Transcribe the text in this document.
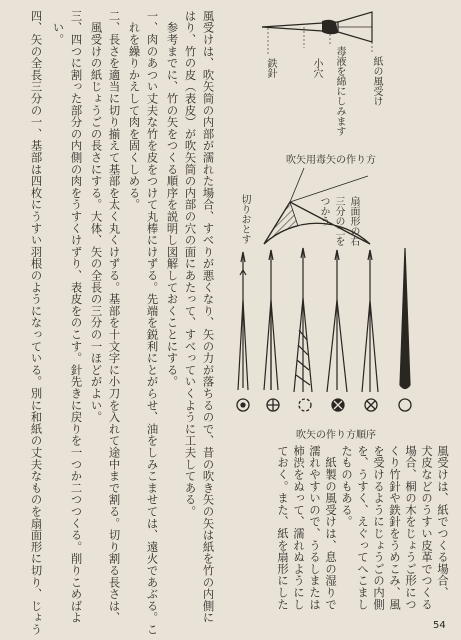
紙の風受け
毒液を綿にしみます
小穴
鉄針
吹矢用毒矢の作り方
切りおとす	扇面形の右三分の二をつかう
吹矢の作り方順序
風受けは、紙でつくる場合、
犬皮などのうすい皮革でつくる
場合、桐の木をじょうご形につ
くり竹針や鉄針をうめこみ、風
を受けるようにじょうごの内側
を、うすく、えぐってへこまし
たものもある。
　紙製の風受けは、息の湿りで
濡れやすいので、うるしまたは
柿渋をぬって、濡れぬようにし
ておく。また、紙を扇形にした
風受けは、吹矢筒の内部が濡れた場合、すべりが悪くなり、矢の力が落ちるので、昔の吹き矢の矢は紙を竹の内側に
はり、竹の皮（表皮）が吹矢筒の内部の穴の面にあたって、すべっていくように工夫してある。
　参考までに、竹の矢をつくる順序を説明し図解しておくことにする。
一、肉のあつい丈夫な竹を皮をつけて丸棒にけずる。先端を鋭利にとがらせ、油をしみこませては、遠火であぶる。こ
　れを繰りかえして肉を固くしめる。
二、長さを適当に切り揃えて基部を太く丸くけずる。基部を十文字に小刀を入れて途中まで割る。切り割る長さは、
　風受けの紙じょうごの長さにする。大体、矢の全長の三分の一ほどがよい。
三、四つに割った部分の内側の肉をうすくけずり、表皮をのこす。針先きに戻りを一つか二つつくる。削りこめばよ
　い。
四、矢の全長三分の一、基部は四枚にうすい羽根のようになっている。別に和紙の丈夫なものを扇面形に切り、じょう	54
